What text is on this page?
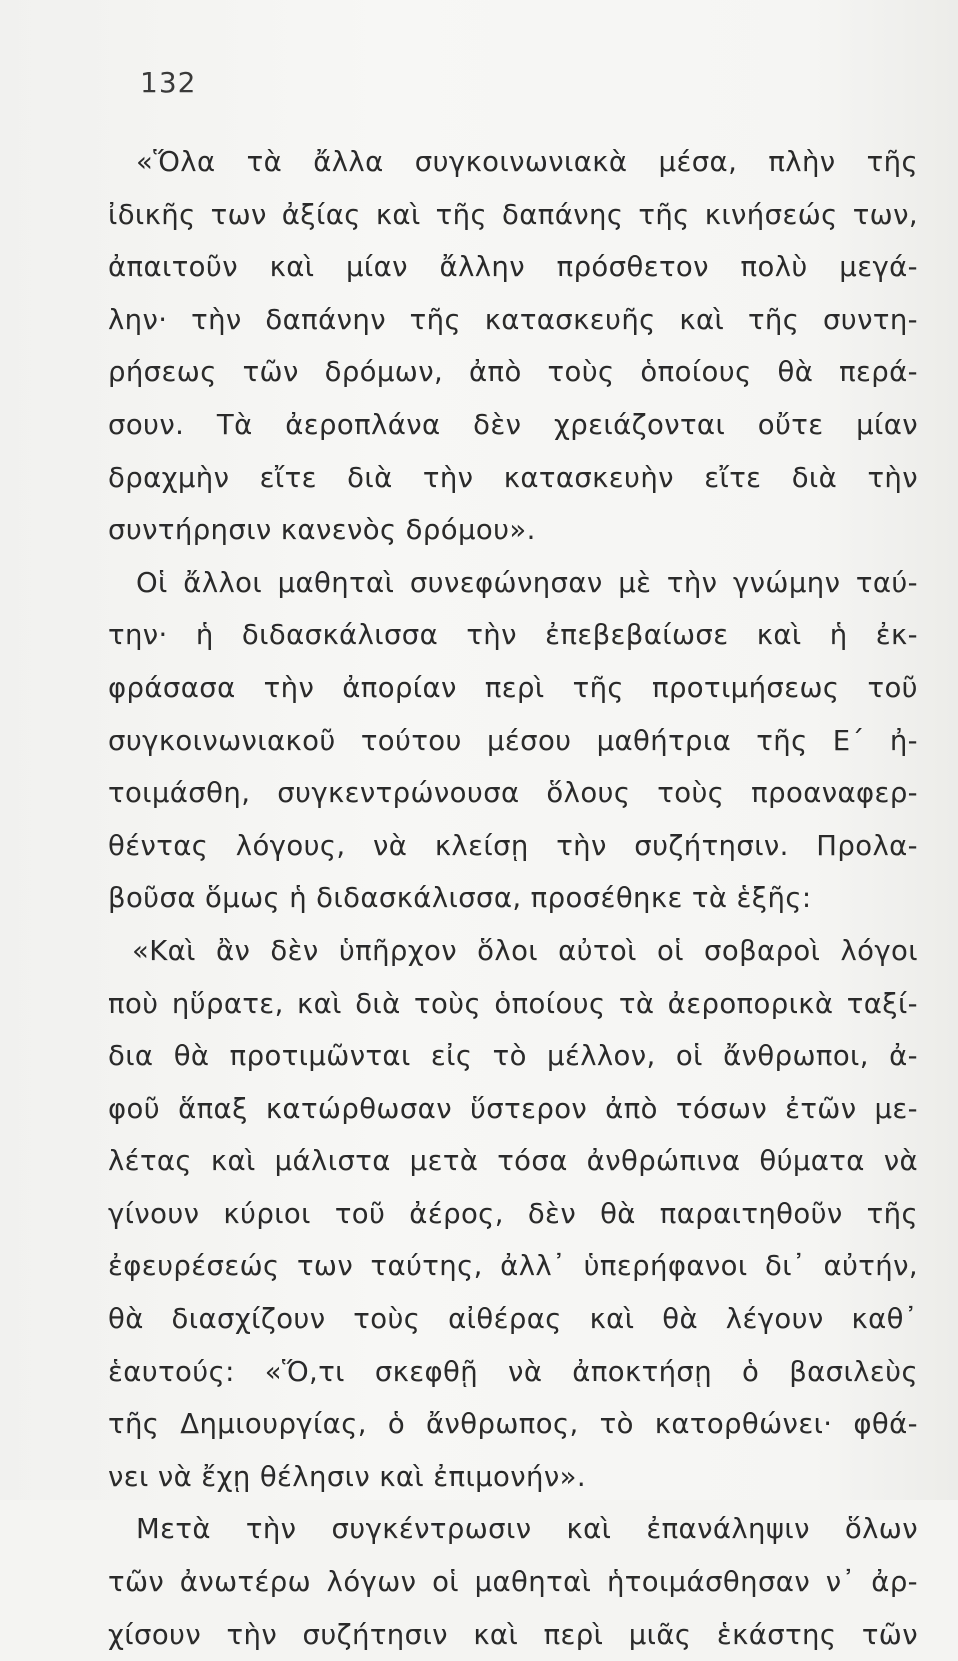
132
«Ὅλα τὰ ἄλλα συγκοινωνιακὰ μέσα, πλὴν τῆς
ἰδικῆς των ἀξίας καὶ τῆς δαπάνης τῆς κινήσεώς των,
ἀπαιτοῦν καὶ μίαν ἄλλην πρόσθετον πολὺ μεγά-
λην· τὴν δαπάνην τῆς κατασκευῆς καὶ τῆς συντη-
ρήσεως τῶν δρόμων, ἀπὸ τοὺς ὁποίους θὰ περά-
σουν. Τὰ ἀεροπλάνα δὲν χρειάζονται οὔτε μίαν
δραχμὴν εἴτε διὰ τὴν κατασκευὴν εἴτε διὰ τὴν
συντήρησιν κανενὸς δρόμου».
Οἱ ἄλλοι μαθηταὶ συνεφώνησαν μὲ τὴν γνώμην ταύ-
την· ἡ διδασκάλισσα τὴν ἐπεβεβαίωσε καὶ ἡ ἐκ-
φράσασα τὴν ἀπορίαν περὶ τῆς προτιμήσεως τοῦ
συγκοινωνιακοῦ τούτου μέσου μαθήτρια τῆς Ε΄ ἠ-
τοιμάσθη, συγκεντρώνουσα ὅλους τοὺς προαναφερ-
θέντας λόγους, νὰ κλείσῃ τὴν συζήτησιν. Προλα-
βοῦσα ὅμως ἡ διδασκάλισσα, προσέθηκε τὰ ἑξῆς:
«Καὶ ἂν δὲν ὑπῆρχον ὅλοι αὐτοὶ οἱ σοβαροὶ λόγοι
ποὺ ηὕρατε, καὶ διὰ τοὺς ὁποίους τὰ ἀεροπορικὰ ταξί-
δια θὰ προτιμῶνται εἰς τὸ μέλλον, οἱ ἄνθρωποι, ἀ-
φοῦ ἅπαξ κατώρθωσαν ὕστερον ἀπὸ τόσων ἐτῶν με-
λέτας καὶ μάλιστα μετὰ τόσα ἀνθρώπινα θύματα νὰ
γίνουν κύριοι τοῦ ἀέρος, δὲν θὰ παραιτηθοῦν τῆς
ἐφευρέσεώς των ταύτης, ἀλλ᾽ ὑπερήφανοι δι᾽ αὐτήν,
θὰ διασχίζουν τοὺς αἰθέρας καὶ θὰ λέγουν καθ᾽
ἑαυτούς: «Ὅ,τι σκεφθῇ νὰ ἀποκτήσῃ ὁ βασιλεὺς
τῆς Δημιουργίας, ὁ ἄνθρωπος, τὸ κατορθώνει· φθά-
νει νὰ ἔχῃ θέλησιν καὶ ἐπιμονήν».
Μετὰ τὴν συγκέντρωσιν καὶ ἐπανάληψιν ὅλων
τῶν ἀνωτέρω λόγων οἱ μαθηταὶ ἡτοιμάσθησαν ν᾽ ἀρ-
χίσουν τὴν συζήτησιν καὶ περὶ μιᾶς ἑκάστης τῶν
